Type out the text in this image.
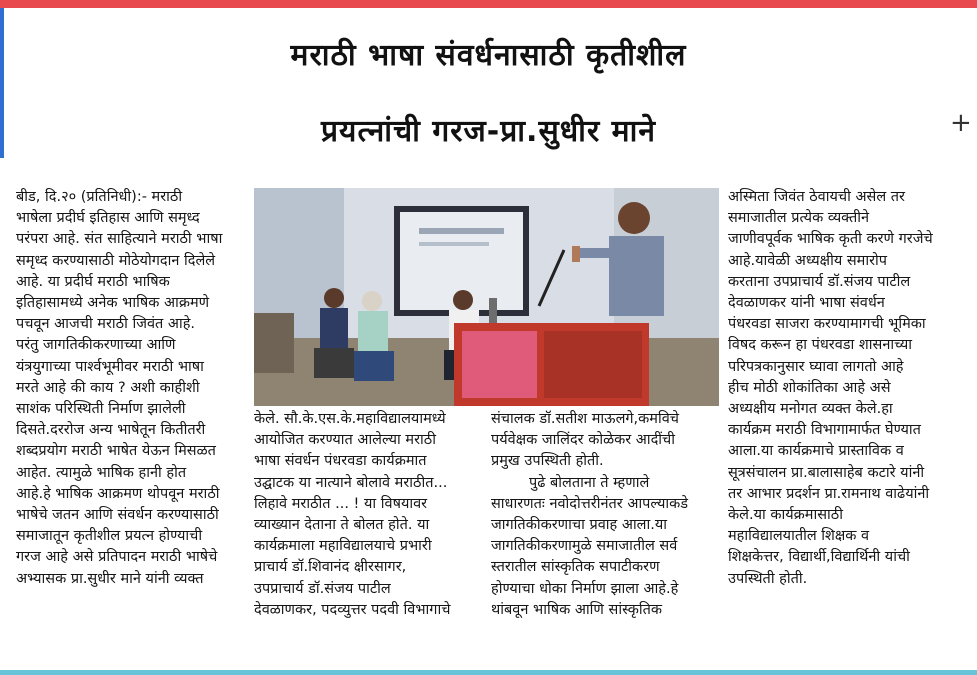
मराठी भाषा संवर्धनासाठी कृतीशील
प्रयत्नांची गरज-प्रा.सुधीर माने	+

बीड, दि.२० (प्रतिनिधी):- मराठी

भाषेला प्रदीर्घ इतिहास आणि समृध्द

परंपरा आहे. संत साहित्याने मराठी भाषा

समृध्द करण्यासाठी मोठेयोगदान दिलेले

आहे. या प्रदीर्घ मराठी भाषिक

इतिहासामध्ये अनेक भाषिक आक्रमणे

पचवून आजची मराठी जिवंत आहे.

परंतु जागतिकीकरणाच्या आणि

यंत्रयुगाच्या पार्श्वभूमीवर मराठी भाषा

मरते आहे की काय ? अशी काहीशी

साशंक परिस्थिती निर्माण झालेली

दिसते.दररोज अन्य भाषेतून कितीतरी

शब्दप्रयोग मराठी भाषेत येऊन मिसळत

आहेत. त्यामुळे भाषिक हानी होत

आहे.हे भाषिक आक्रमण थोपवून मराठी

भाषेचे जतन आणि संवर्धन करण्यासाठी

समाजातून कृतीशील प्रयत्न होण्याची

गरज आहे असे प्रतिपादन मराठी भाषेचे

अभ्यासक प्रा.सुधीर माने यांनी व्यक्त

केले. सौ.के.एस.के.महाविद्यालयामध्ये

आयोजित करण्यात आलेल्या मराठी

भाषा संवर्धन पंधरवडा कार्यक्रमात

उद्घाटक या नात्याने बोलावे मराठीत...

लिहावे मराठीत ... ! या विषयावर

व्याख्यान देताना ते बोलत होते. या

कार्यक्रमाला महाविद्यालयाचे प्रभारी

प्राचार्य डॉ.शिवानंद क्षीरसागर,

उपप्राचार्य डॉ.संजय पाटील

देवळाणकर, पदव्युत्तर पदवी विभागाचे

संचालक डॉ.सतीश माऊलगे,कमविचे

पर्यवेक्षक जालिंदर कोळेकर आदींची

प्रमुख उपस्थिती होती.

पुढे बोलताना ते म्हणाले

साधारणतः नवोदोत्तरीनंतर आपल्याकडे

जागतिकीकरणाचा प्रवाह आला.या

जागतिकीकरणामुळे समाजातील सर्व

स्तरातील सांस्कृतिक सपाटीकरण

होण्याचा धोका निर्माण झाला आहे.हे

थांबवून भाषिक आणि सांस्कृतिक

अस्मिता जिवंत ठेवायची असेल तर

समाजातील प्रत्येक व्यक्तीने

जाणीवपूर्वक भाषिक कृती करणे गरजेचे

आहे.यावेळी अध्यक्षीय समारोप

करताना उपप्राचार्य डॉ.संजय पाटील

देवळाणकर यांनी भाषा संवर्धन

पंधरवडा साजरा करण्यामागची भूमिका

विषद करून हा पंधरवडा शासनाच्या

परिपत्रकानुसार घ्यावा लागतो आहे

हीच मोठी शोकांतिका आहे असे

अध्यक्षीय मनोगत व्यक्त केले.हा

कार्यक्रम मराठी विभागामार्फत घेण्यात

आला.या कार्यक्रमाचे प्रास्ताविक व

सूत्रसंचालन प्रा.बालासाहेब कटारे यांनी

तर आभार प्रदर्शन प्रा.रामनाथ वाढेयांनी

केले.या कार्यक्रमासाठी

महाविद्यालयातील शिक्षक व

शिक्षकेत्तर, विद्यार्थी,विद्यार्थिनी यांची

उपस्थिती होती.
